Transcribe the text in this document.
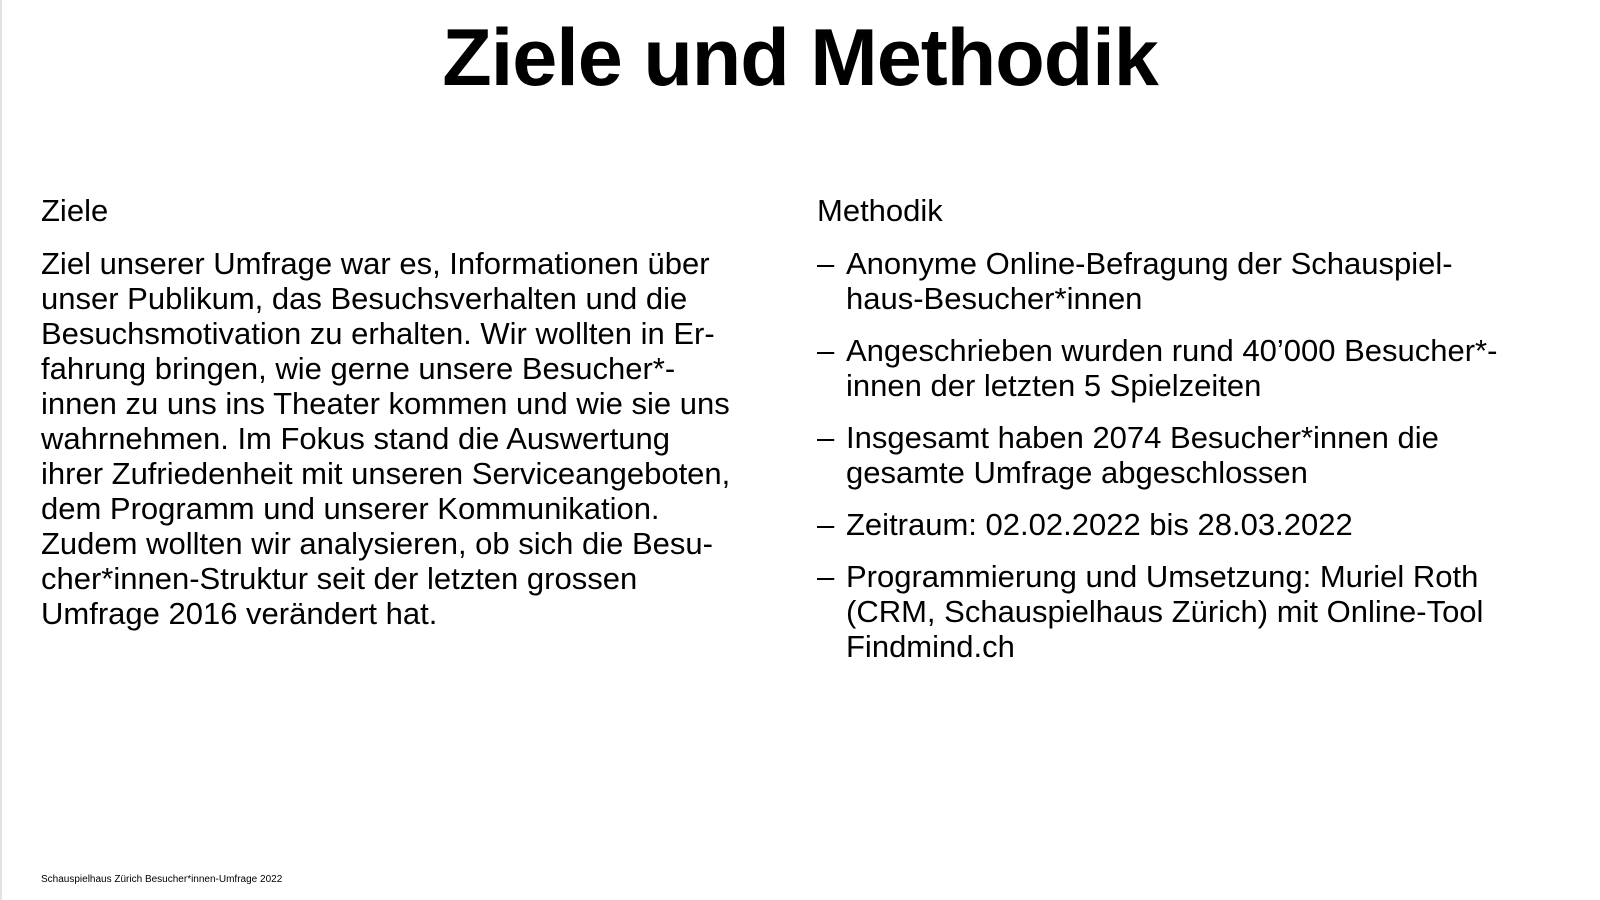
Ziele und Methodik
Ziele
Ziel unserer Umfrage war es, Informationen über
unser Publikum, das Besuchsverhalten und die
Besuchsmotivation zu erhalten. Wir wollten in Er-
fahrung bringen, wie gerne unsere Besucher*-
innen zu uns ins Theater kommen und wie sie uns
wahrnehmen. Im Fokus stand die Auswertung
ihrer Zufriedenheit mit unseren Serviceangeboten,
dem Programm und unserer Kommunikation.
Zudem wollten wir analysieren, ob sich die Besu-
cher*innen-Struktur seit der letzten grossen
Umfrage 2016 verändert hat.
Methodik
– Anonyme Online-Befragung der Schauspiel-
haus-Besucher*innen
– Angeschrieben wurden rund 40’000 Besucher*-
innen der letzten 5 Spielzeiten
– Insgesamt haben 2074 Besucher*innen die
gesamte Umfrage abgeschlossen
– Zeitraum: 02.02.2022 bis 28.03.2022
– Programmierung und Umsetzung: Muriel Roth
(CRM, Schauspielhaus Zürich) mit Online-Tool
Findmind.ch
Schauspielhaus Zürich Besucher*innen-Umfrage 2022
